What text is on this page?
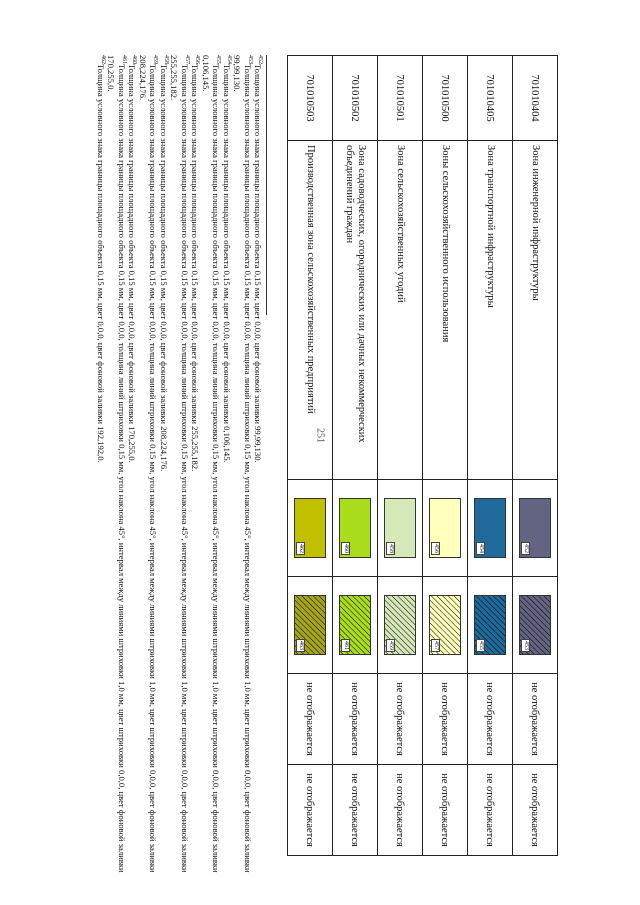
251
701010404	Зона инженерной инфраструктуры	452	453	не отображается	не отображается
701010405	Зона транспортной инфраструктуры	454	455	не отображается	не отображается
701010500	Зоны сельскохозяйственного использования	456	457	не отображается	не отображается
701010501	Зона сельскохозяйственных угодий	458	459	не отображается	не отображается
701010502	Зона садоводческих, огороднических или дачных некоммерческих объединений граждан	460	461	не отображается	не отображается
701010503	Производственная зона сельскохозяйственных предприятий	462	463	не отображается	не отображается

$^{452}$Толщина условного знака границы площадного объекта 0,15 мм, цвет 0,0,0, цвет фоновой заливки 99,99,130.

$^{453}$Толщина условного знака границы площадного объекта 0,15 мм, цвет 0,0,0, толщина линий штриховки 0,15 мм, угол наклона 45°, интервал между линиями штриховки 1,0 мм, цвет штриховки 0,0,0, цвет фоновой заливки 99,99,130.

$^{454}$Толщина условного знака границы площадного объекта 0,15 мм, цвет 0,0,0, цвет фоновой заливки 0,106,145.

$^{455}$Толщина условного знака границы площадного объекта 0,15 мм, цвет 0,0,0, толщина линий штриховки 0,15 мм, угол наклона 45°, интервал между линиями штриховки 1,0 мм, цвет штриховки 0,0,0, цвет фоновой заливки 0,106,145.

$^{456}$Толщина условного знака границы площадного объекта 0,15 мм, цвет 0,0,0, цвет фоновой заливки 255,255,182.

$^{457}$Толщина условного знака границы площадного объекта 0,15 мм, цвет 0,0,0, толщина линий штриховки 0,15 мм, угол наклона 45°, интервал между линиями штриховки 1,0 мм, цвет штриховки 0,0,0, цвет фоновой заливки 255,255,182.

$^{458}$Толщина условного знака границы площадного объекта 0,15 мм, цвет 0,0,0, цвет фоновой заливки 208,224,176.

$^{459}$Толщина условного знака границы площадного объекта 0,15 мм, цвет 0,0,0, толщина линий штриховки 0,15 мм, угол наклона 45°, интервал между линиями штриховки 1,0 мм, цвет штриховки 0,0,0, цвет фоновой заливки 208,224,176.

$^{460}$Толщина условного знака границы площадного объекта 0,15 мм, цвет 0,0,0, цвет фоновой заливки 170,255,0.

$^{461}$Толщина условного знака границы площадного объекта 0,15 мм, цвет 0,0,0, толщина линий штриховки 0,15 мм, угол наклона 45°, интервал между линиями штриховки 1,0 мм, цвет штриховки 0,0,0, цвет фоновой заливки 170,255,0.

$^{462}$Толщина условного знака границы площадного объекта 0,15 мм, цвет 0,0,0, цвет фоновой заливки 192,192,0.
